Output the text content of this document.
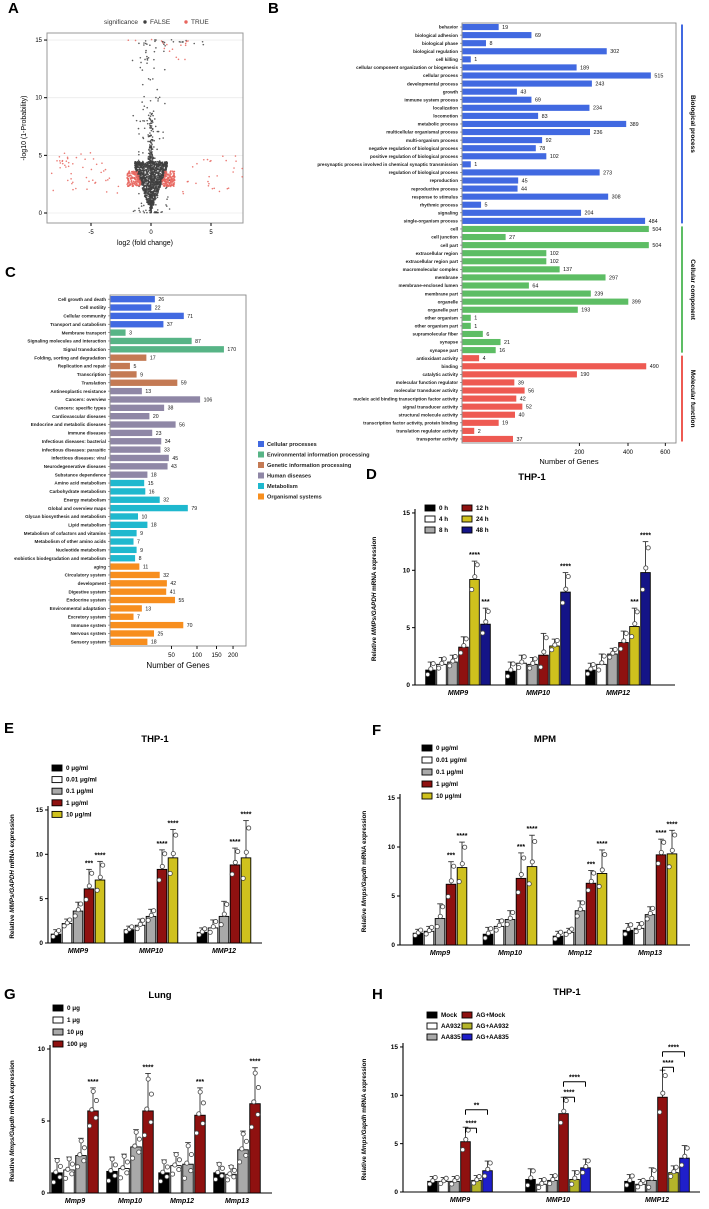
A	B
C
D
E	F
G	H
significance FALSE	TRUE
-5	0	5
0
5
10
15
log2 (fold change)
-log10 (1-Probability)
behavior	19
biological adhesion	69
biological phase	8
biological regulation	302
cell killing	1
cellular component organization or biogenesis	189
cellular process	515
developmental process	243
growth	43
immune system process	69
localization	234
locomotion	83
metabolic process	389
multicellular organismal process	236
multi-organism process	92
negative regulation of biological process	78
positive regulation of biological process	102
presynaptic process involved in chemical synaptic transmission	1
regulation of biological process	273
reproduction	45
reproductive process	44
response to stimulus	308
rhythmic process	5
signaling	204
single-organism process	484
cell	504
cell junction	27
cell part	504
extracellular region	102
extracellular region part	102
macromolecular complex	137
membrane	297
membrane-enclosed lumen	64
membrane part	239
organelle	399
organelle part	193
other organism	1
other organism part	1
supramolecular fiber	6
synapse	21
synapse part	16
antioxidant activity	4
binding	490
catalytic activity	190
molecular function regulator	39
molecular transducer activity	56
nucleic acid binding transcription factor activity	42
signal transducer activity	52
structural molecule activity	40
transcription factor activity, protein binding	19
translation regulator activity	2
transporter activity	37
200	400	600
Number of Genes
Biological process
Cellular component
Molecular function
Cell growth and death	26
Cell motility	22
Cellular community	71
Transport and catabolism	37
Membrane transport	3
Signaling molecules and interaction	87
Signal transduction	170
Folding, sorting and degradation	17
Replication and repair	5
Transcription	9
Translation	59
Antineoplastic resistance	13
Cancers: overview	106
Cancers: specific types	38
Cardiovascular diseases	20
Endocrine and metabolic diseases	56
Immune diseases	23
Infectious diseases: bacterial	34
Infectious diseases: parasitic	33
Infectious diseases: viral	45
Neurodegenerative diseases	43
Substance dependence	18
Amino acid metabolism	15
Carbohydrate metabolism	16
Energy metabolism	32
Global and overview maps	79
Glycan biosynthesis and metabolism	10
Lipid metabolism	18
Metabolism of cofactors and vitamins	9
Metabolism of other amino acids	7
Nucleotide metabolism	9
Xenobiotics biodegradation and metabolism	8
aging	11
Circulatory system	32
development	42
Digestive system	41
Endocrine system	55
Environmental adaptation	13
Excretory system	7
Immune system	70
Nervous system	25
Sensory system	18
50	100 150 200
Number of Genes
Cellular processes
Environmental information processing
Genetic information processing
Human diseases
Metabolism
Organismal systems
THP-1
0
5
10
15
Relative MMPs/GAPDH mRNA expression
0 h
4 h
8 h
12 h
24 h
48 h
MMP9	MMP10	MMP12
****
***
****
***
****
THP-1
0
5
10
15
Relative MMPs/GAPDH mRNA expression
0 μg/ml
0.01 μg/ml
0.1 μg/ml
1 μg/ml
10 μg/ml
MMP9	MMP10	MMP12
***
****
****
****
****
****
MPM
0
5
10
15
Relative Mmps/Gapdh mRNA expression
0 μg/ml
0.01 μg/ml
0.1 μg/ml
1 μg/ml
10 μg/ml
Mmp9	Mmp10	Mmp12	Mmp13
***
****
***
****
***
****
****
****
Lung
0
5
10
Relative Mmps/Gapdh mRNA expression
0 μg
1 μg
10 μg
100 μg
Mmp9	Mmp10	Mmp12	Mmp13
****
****
***
****
THP-1
0
5
10
15
Relative Mmps/Gapdh mRNA expression
Mock
AA932
AA835
AG+Mock
AG+AA932
AG+AA835
MMP9	MMP10	MMP12
****
**
****
****
****
****
